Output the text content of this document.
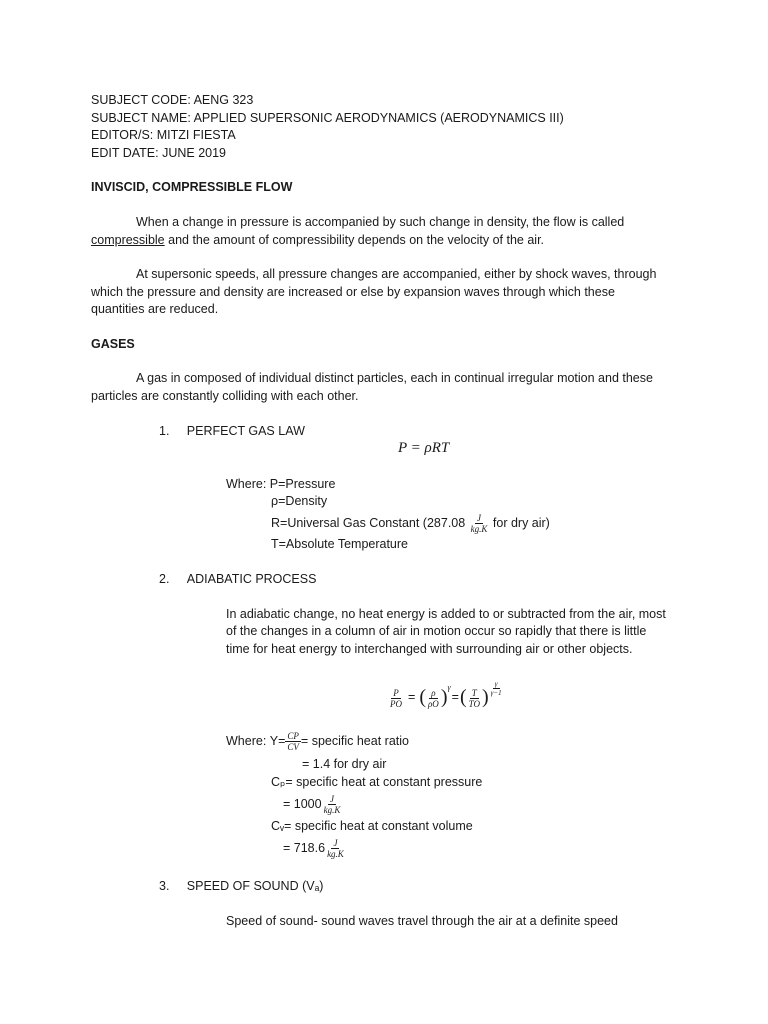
SUBJECT CODE: AENG 323
SUBJECT NAME: APPLIED SUPERSONIC AERODYNAMICS (AERODYNAMICS III)
EDITOR/S: MITZI FIESTA
EDIT DATE: JUNE 2019
INVISCID, COMPRESSIBLE FLOW
When a change in pressure is accompanied by such change in density, the flow is called
compressible and the amount of compressibility depends on the velocity of the air.
At supersonic speeds, all pressure changes are accompanied, either by shock waves, through
which the pressure and density are increased or else by expansion waves through which these
quantities are reduced.
GASES
A gas in composed of individual distinct particles, each in continual irregular motion and these
particles are constantly colliding with each other.
1.     PERFECT GAS LAW
P = ρRT
Where: P=Pressure
ρ=Density
R=Universal Gas Constant ($287.08 \frac{J}{kg.K}$ for dry air)
T=Absolute Temperature
2.     ADIABATIC PROCESS
In adiabatic change, no heat energy is added to or subtracted from the air, most
of the changes in a column of air in motion occur so rapidly that there is little
time for heat energy to interchanged with surrounding air or other objects.
$\frac{P}{PO}$ = ( $\frac{\rho}{\rho O} )^\gamma$
= ( $\frac{T}{TO}$ ) $\frac{\gamma}{\gamma-1}$
Where: $\Upsilon= \frac{CP}{CV}$ = specific heat ratio
= 1.4 for dry air
Cₚ= specific heat at constant pressure
= $1000 \frac{J}{kg.K}$
Cᵥ= specific heat at constant volume
= $718.6 \frac{J}{kg.K}$
3.     SPEED OF SOUND (Vₐ)
Speed of sound- sound waves travel through the air at a definite speed
